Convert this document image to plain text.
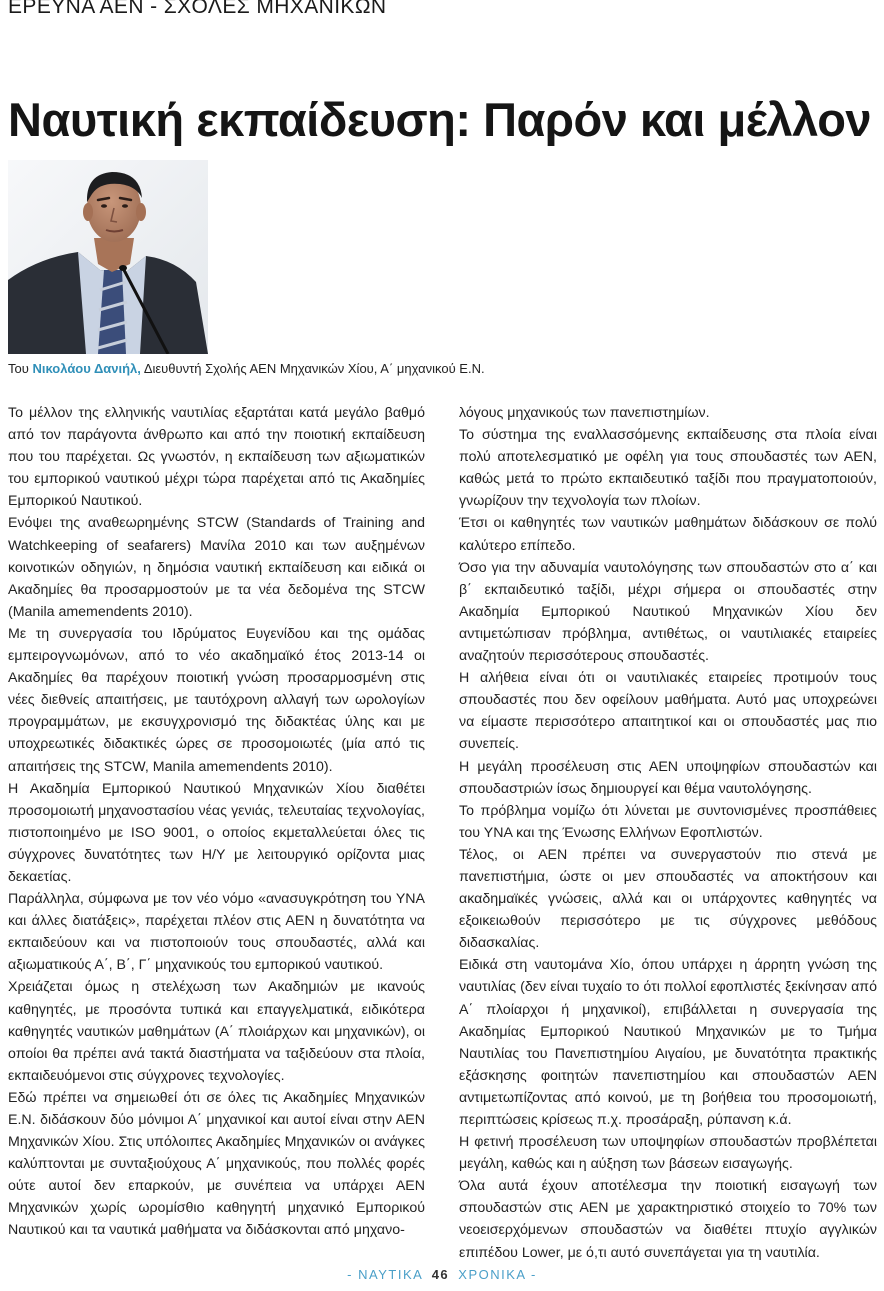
ΕΡΕΥΝΑ ΑΕΝ - ΣΧΟΛΕΣ ΜΗΧΑΝΙΚΩΝ
Ναυτική εκπαίδευση: Παρόν και μέλλον

Του Νικολάου Δανιήλ, Διευθυντή Σχολής ΑΕΝ Μηχανικών Χίου, Α΄ μηχανικού Ε.Ν.

Το μέλλον της ελληνικής ναυτιλίας εξαρτάται κατά μεγάλο βαθμό από τον παράγοντα άνθρωπο και από την ποιοτική εκπαίδευση που του παρέχεται. Ως γνωστόν, η εκπαίδευση των αξιωματικών του εμπορικού ναυτικού μέχρι τώρα παρέχεται από τις Ακαδημίες Εμπορικού Ναυτικού.

Ενόψει της αναθεωρημένης STCW (Standards of Training and Watchkeeping of seafarers) Μανίλα 2010 και των αυξημένων κοινοτικών οδηγιών, η δημόσια ναυτική εκπαίδευση και ειδικά οι Ακαδημίες θα προσαρμοστούν με τα νέα δεδομένα της STCW (Manila amemendents 2010).

Με τη συνεργασία του Ιδρύματος Ευγενίδου και της ομάδας εμπειρογνωμόνων, από το νέο ακαδημαϊκό έτος 2013-14 οι Ακαδημίες θα παρέχουν ποιοτική γνώση προσαρμοσμένη στις νέες διεθνείς απαιτήσεις, με ταυτόχρονη αλλαγή των ωρολογίων προγραμμάτων, με εκσυγχρονισμό της διδακτέας ύλης και με υποχρεωτικές διδακτικές ώρες σε προσομοιωτές (μία από τις απαιτήσεις της STCW, Manila amemendents 2010).

Η Ακαδημία Εμπορικού Ναυτικού Μηχανικών Χίου διαθέτει προσομοιωτή μηχανοστασίου νέας γενιάς, τελευταίας τεχνολογίας, πιστοποιημένο με ISO 9001, ο οποίος εκμεταλλεύεται όλες τις σύγχρονες δυνατότητες των Η/Υ με λειτουργικό ορίζοντα μιας δεκαετίας.

Παράλληλα, σύμφωνα με τον νέο νόμο «ανασυγκρότηση του ΥΝΑ και άλλες διατάξεις», παρέχεται πλέον στις ΑΕΝ η δυνατότητα να εκπαιδεύουν και να πιστοποιούν τους σπουδαστές, αλλά και αξιωματικούς Α΄, Β΄, Γ΄ μηχανικούς του εμπορικού ναυτικού.

Χρειάζεται όμως η στελέχωση των Ακαδημιών με ικανούς καθηγητές, με προσόντα τυπικά και επαγγελματικά, ειδικότερα καθηγητές ναυτικών μαθημάτων (Α΄ πλοιάρχων και μηχανικών), οι οποίοι θα πρέπει ανά τακτά διαστήματα να ταξιδεύουν στα πλοία, εκπαιδευόμενοι στις σύγχρονες τεχνολογίες.

Εδώ πρέπει να σημειωθεί ότι σε όλες τις Ακαδημίες Μηχανικών Ε.Ν. διδάσκουν δύο μόνιμοι Α΄ μηχανικοί και αυτοί είναι στην ΑΕΝ Μηχανικών Χίου. Στις υπόλοιπες Ακαδημίες Μηχανικών οι ανάγκες καλύπτονται με συνταξιούχους Α΄ μηχανικούς, που πολλές φορές ούτε αυτοί δεν επαρκούν, με συνέπεια να υπάρχει ΑΕΝ Μηχανικών χωρίς ωρομίσθιο καθηγητή μηχανικό Εμπορικού Ναυτικού και τα ναυτικά μαθήματα να διδάσκονται από μηχανο-

λόγους μηχανικούς των πανεπιστημίων.

Το σύστημα της εναλλασσόμενης εκπαίδευσης στα πλοία είναι πολύ αποτελεσματικό με οφέλη για τους σπουδαστές των ΑΕΝ, καθώς μετά το πρώτο εκπαιδευτικό ταξίδι που πραγματοποιούν, γνωρίζουν την τεχνολογία των πλοίων.

Έτσι οι καθηγητές των ναυτικών μαθημάτων διδάσκουν σε πολύ καλύτερο επίπεδο.

Όσο για την αδυναμία ναυτολόγησης των σπουδαστών στο α΄ και β΄ εκπαιδευτικό ταξίδι, μέχρι σήμερα οι σπουδαστές στην Ακαδημία Εμπορικού Ναυτικού Μηχανικών Χίου δεν αντιμετώπισαν πρόβλημα, αντιθέτως, οι ναυτιλιακές εταιρείες αναζητούν περισσότερους σπουδαστές.

Η αλήθεια είναι ότι οι ναυτιλιακές εταιρείες προτιμούν τους σπουδαστές που δεν οφείλουν μαθήματα. Αυτό μας υποχρεώνει να είμαστε περισσότερο απαιτητικοί και οι σπουδαστές μας πιο συνεπείς.

Η μεγάλη προσέλευση στις ΑΕΝ υποψηφίων σπουδαστών και σπουδαστριών ίσως δημιουργεί και θέμα ναυτολόγησης.

Το πρόβλημα νομίζω ότι λύνεται με συντονισμένες προσπάθειες του ΥΝΑ και της Ένωσης Ελλήνων Εφοπλιστών.

Τέλος, οι ΑΕΝ πρέπει να συνεργαστούν πιο στενά με πανεπιστήμια, ώστε οι μεν σπουδαστές να αποκτήσουν και ακαδημαϊκές γνώσεις, αλλά και οι υπάρχοντες καθηγητές να εξοικειωθούν περισσότερο με τις σύγχρονες μεθόδους διδασκαλίας.

Ειδικά στη ναυτομάνα Χίο, όπου υπάρχει η άρρητη γνώση της ναυτιλίας (δεν είναι τυχαίο το ότι πολλοί εφοπλιστές ξεκίνησαν από Α΄ πλοίαρχοι ή μηχανικοί), επιβάλλεται η συνεργασία της Ακαδημίας Εμπορικού Ναυτικού Μηχανικών με το Τμήμα Ναυτιλίας του Πανεπιστημίου Αιγαίου, με δυνατότητα πρακτικής εξάσκησης φοιτητών πανεπιστημίου και σπουδαστών ΑΕΝ αντιμετωπίζοντας από κοινού, με τη βοήθεια του προσομοιωτή, περιπτώσεις κρίσεως π.χ. προσάραξη, ρύπανση κ.ά.

Η φετινή προσέλευση των υποψηφίων σπουδαστών προβλέπεται μεγάλη, καθώς και η αύξηση των βάσεων εισαγωγής.

Όλα αυτά έχουν αποτέλεσμα την ποιοτική εισαγωγή των σπουδαστών στις ΑΕΝ με χαρακτηριστικό στοιχείο το 70% των νεοεισερχόμενων σπουδαστών να διαθέτει πτυχίο αγγλικών επιπέδου Lower, με ό,τι αυτό συνεπάγεται για τη ναυτιλία.

- ΝΑΥΤΙΚΑ 46 ΧΡΟΝΙΚΑ -
